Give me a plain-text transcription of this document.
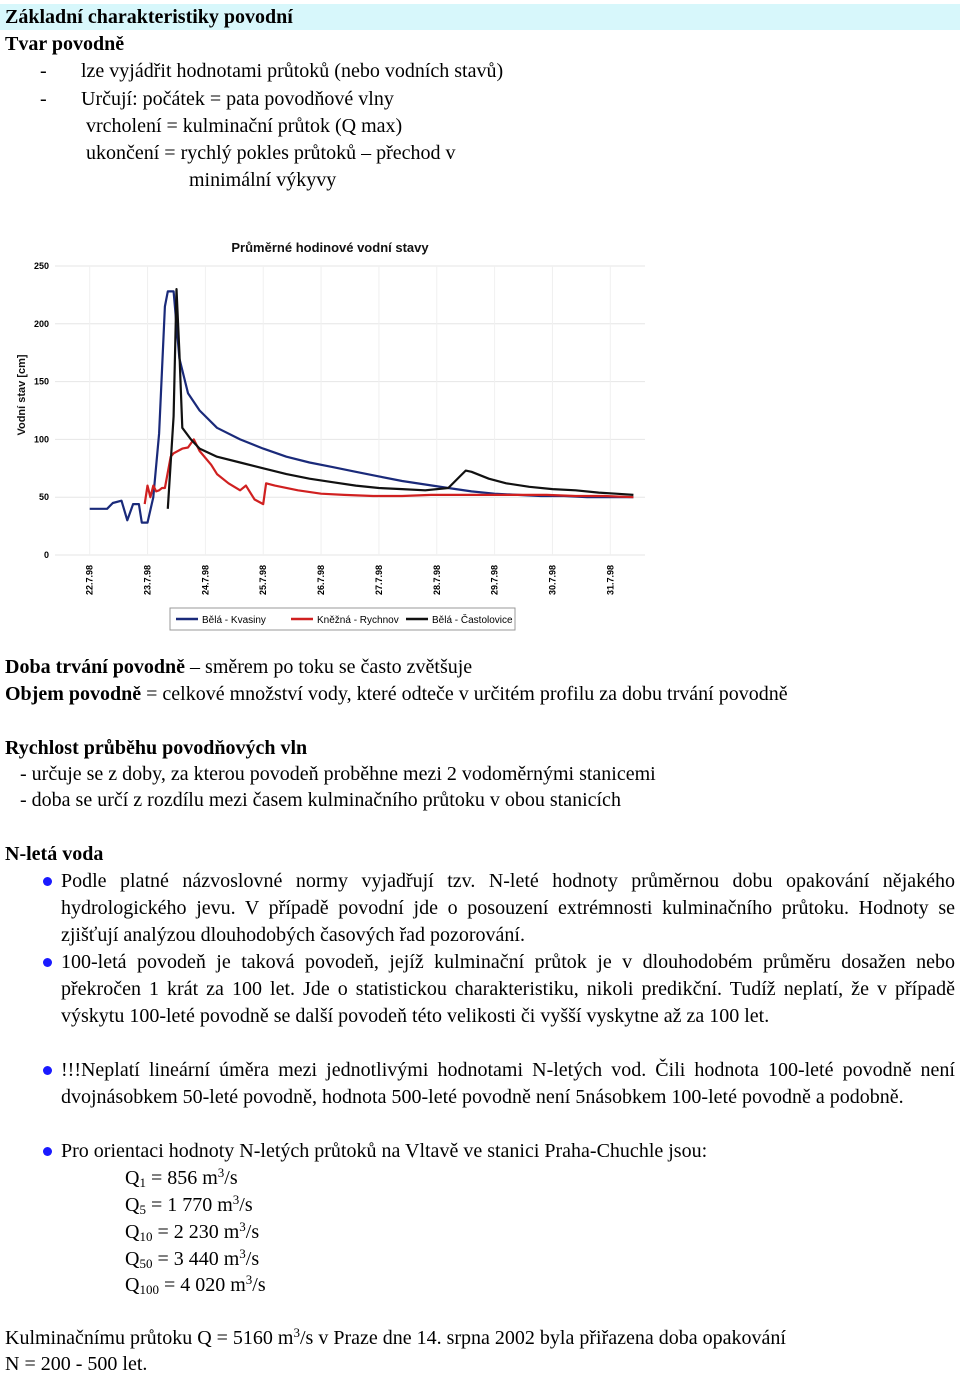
Základní charakteristiky povodní
Tvar povodně
- lze vyjádřit hodnotami průtoků (nebo vodních stavů)
- Určují: počátek = pata povodňové vlny
vrcholení = kulminační průtok (Q max)
ukončení = rychlý pokles průtoků – přechod v
minimální výkyvy
Průměrné hodinové vodní stavy
Vodní stav [cm]
0
50
100
150
200
250
22.7.98	23.7.98	24.7.98	25.7.98	26.7.98	27.7.98	28.7.98	29.7.98	30.7.98	31.7.98
Bělá - Kvasiny	Kněžná - Rychnov	Bělá - Častolovice
Doba trvání povodně – směrem po toku se často zvětšuje
Objem povodně = celkové množství vody, které odteče v určitém profilu za dobu trvání povodně
Rychlost průběhu povodňových vln
- určuje se z doby, za kterou povodeň proběhne mezi 2 vodoměrnými stanicemi
- doba se určí z rozdílu mezi časem kulminačního průtoku v obou stanicích
N-letá voda
Podle platné názvoslovné normy vyjadřují tzv. N-leté hodnoty průměrnou dobu opakování nějakého hydrologického jevu. V případě povodní jde o posouzení extrémnosti kulminačního průtoku. Hodnoty se zjišťují analýzou dlouhodobých časových řad pozorování.
100-letá povodeň je taková povodeň, jejíž kulminační průtok je v dlouhodobém průměru dosažen nebo překročen 1 krát za 100 let. Jde o statistickou charakteristiku, nikoli predikční. Tudíž neplatí, že v případě výskytu 100-leté povodně se další povodeň této velikosti či vyšší vyskytne až za 100 let.
!!!Neplatí lineární úměra mezi jednotlivými hodnotami N-letých vod. Čili hodnota 100-leté povodně není dvojnásobkem 50-leté povodně, hodnota 500-leté povodně není 5násobkem 100-leté povodně a podobně.
Pro orientaci hodnoty N-letých průtoků na Vltavě ve stanici Praha-Chuchle jsou:
$Q_1 = 856$ $m^3/s$
$Q_5 = 1$ 770 $m^3/s$
$Q_{10} = 2$ 230 $m^3/s$
$Q_{50} = 3$ 440 $m^3/s$
$Q_{100} = 4$ 020 $m^3/s$
Kulminačnímu průtoku Q = 5160 $m^3/s$ v Praze dne 14. srpna 2002 byla přiřazena doba opakování
N = 200 - 500 let.
